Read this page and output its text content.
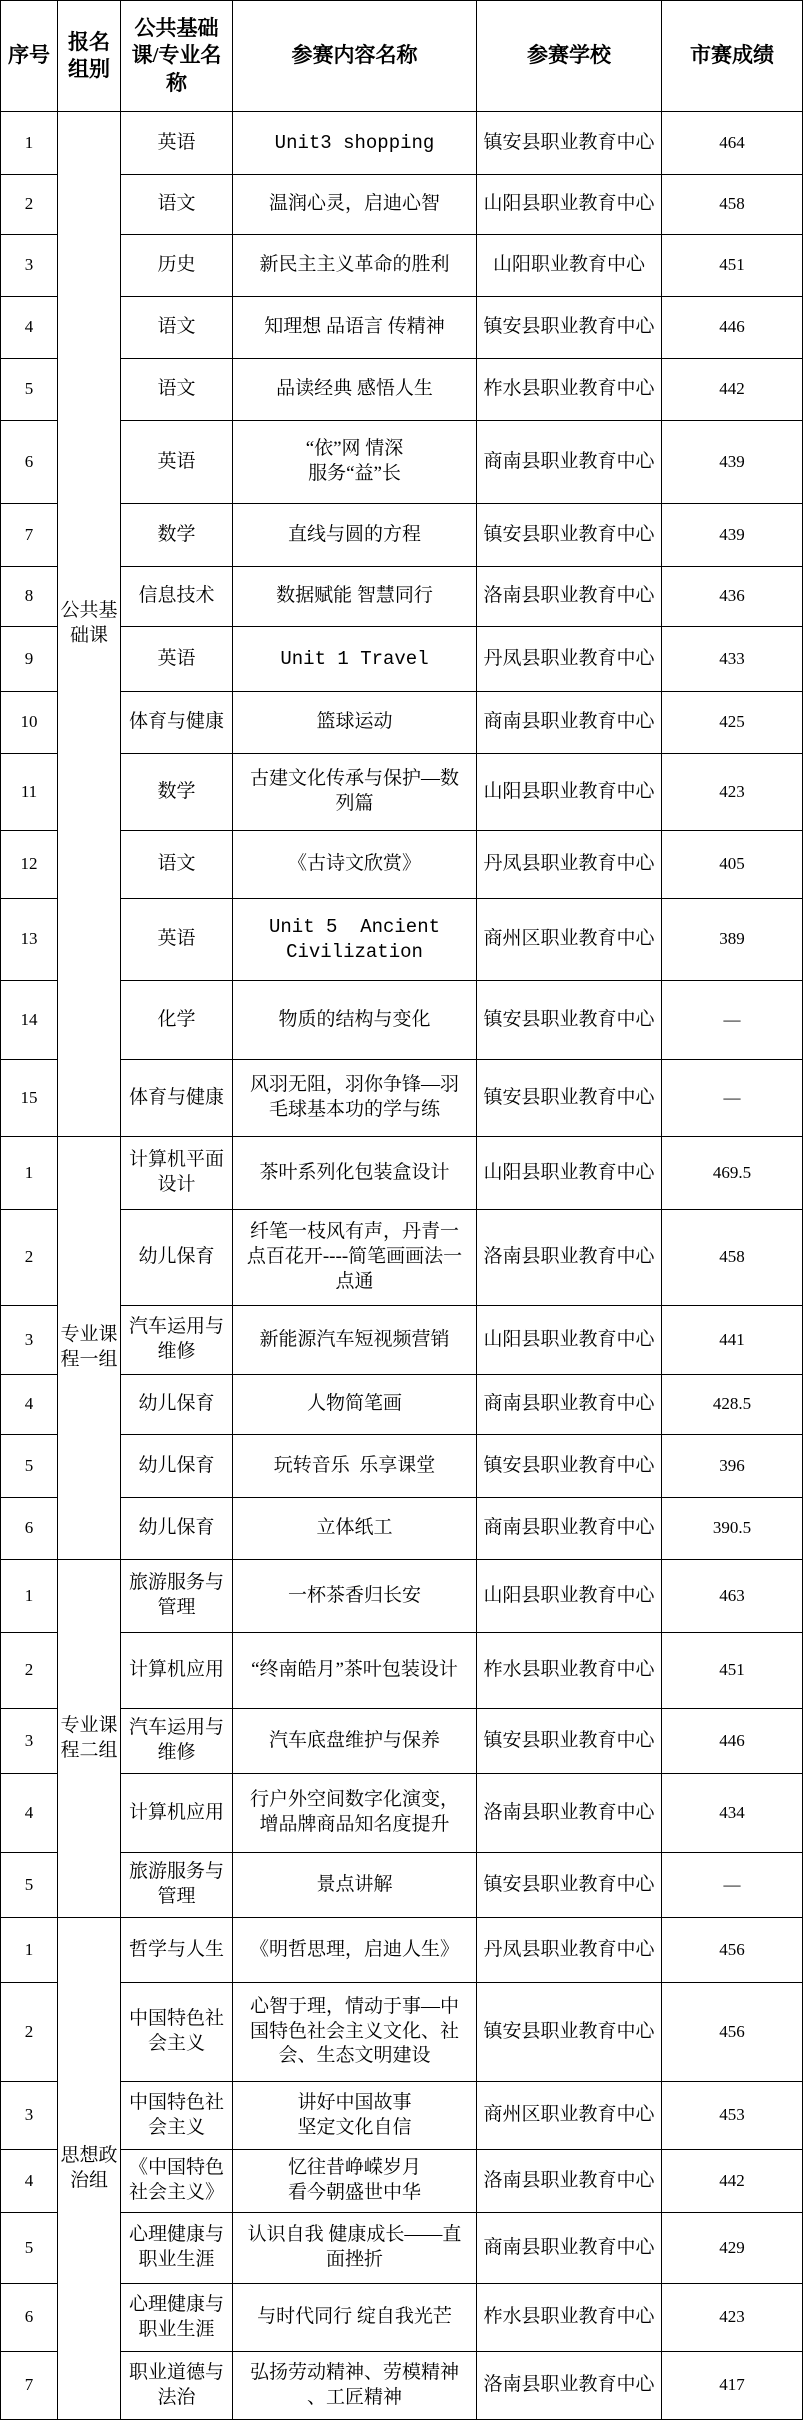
序号	报名组别	公共基础课/专业名称	参赛内容名称	参赛学校	市赛成绩
1	公共基础课	英语	Unit3 shopping	镇安县职业教育中心	464
2		语文	温润心灵，启迪心智	山阳县职业教育中心	458
3		历史	新民主主义革命的胜利	山阳职业教育中心	451
4		语文	知理想 品语言 传精神	镇安县职业教育中心	446
5		语文	品读经典 感悟人生	柞水县职业教育中心	442
6		英语	“依”网 情深
服务“益”长	商南县职业教育中心	439
7		数学	直线与圆的方程	镇安县职业教育中心	439
8		信息技术	数据赋能 智慧同行	洛南县职业教育中心	436
9		英语	Unit 1 Travel	丹凤县职业教育中心	433
10		体育与健康	篮球运动	商南县职业教育中心	425
11		数学	古建文化传承与保护—数列篇	山阳县职业教育中心	423
12		语文	《古诗文欣赏》	丹凤县职业教育中心	405
13		英语	Unit 5  Ancient
Civilization	商州区职业教育中心	389
14		化学	物质的结构与变化	镇安县职业教育中心	—
15		体育与健康	风羽无阻，羽你争锋—羽毛球基本功的学与练	镇安县职业教育中心	—
1	专业课程一组	计算机平面设计	茶叶系列化包装盒设计	山阳县职业教育中心	469.5
2		幼儿保育	纤笔一枝风有声，丹青一点百花开----简笔画画法一点通	洛南县职业教育中心	458
3		汽车运用与维修	新能源汽车短视频营销	山阳县职业教育中心	441
4		幼儿保育	人物简笔画	商南县职业教育中心	428.5
5		幼儿保育	玩转音乐  乐享课堂	镇安县职业教育中心	396
6		幼儿保育	立体纸工	商南县职业教育中心	390.5
1	专业课程二组	旅游服务与管理	一杯茶香归长安	山阳县职业教育中心	463
2		计算机应用	“终南皓月”茶叶包装设计	柞水县职业教育中心	451
3		汽车运用与维修	汽车底盘维护与保养	镇安县职业教育中心	446
4		计算机应用	行户外空间数字化演变，增品牌商品知名度提升	洛南县职业教育中心	434
5		旅游服务与管理	景点讲解	镇安县职业教育中心	—
1	思想政治组	哲学与人生	《明哲思理，启迪人生》	丹凤县职业教育中心	456
2		中国特色社会主义	心智于理，情动于事—中国特色社会主义文化、社会、生态文明建设	镇安县职业教育中心	456
3		中国特色社会主义	讲好中国故事
坚定文化自信	商州区职业教育中心	453
4		《中国特色社会主义》	忆往昔峥嵘岁月
看今朝盛世中华	洛南县职业教育中心	442
5		心理健康与职业生涯	认识自我 健康成长——直面挫折	商南县职业教育中心	429
6		心理健康与职业生涯	与时代同行 绽自我光芒	柞水县职业教育中心	423
7		职业道德与法治	弘扬劳动精神、劳模精神、工匠精神	洛南县职业教育中心	417
